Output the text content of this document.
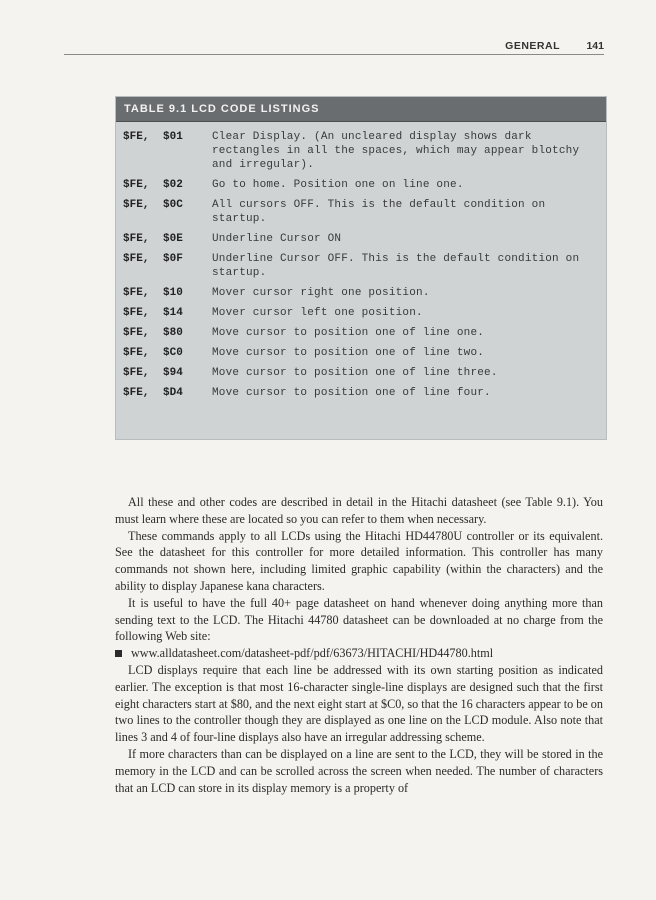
GENERAL	141
TABLE 9.1 LCD CODE LISTINGS
$FE,	$01	Clear Display. (An uncleared display shows dark rectangles in all the spaces, which may appear blotchy and irregular).
$FE,	$02	Go to home. Position one on line one.
$FE,	$0C	All cursors OFF. This is the default condition on startup.
$FE,	$0E	Underline Cursor ON
$FE,	$0F	Underline Cursor OFF. This is the default condition on startup.
$FE,	$10	Mover cursor right one position.
$FE,	$14	Mover cursor left one position.
$FE,	$80	Move cursor to position one of line one.
$FE,	$C0	Move cursor to position one of line two.
$FE,	$94	Move cursor to position one of line three.
$FE,	$D4	Move cursor to position one of line four.

All these and other codes are described in detail in the Hitachi datasheet (see Table 9.1). You must learn where these are located so you can refer to them when necessary.

These commands apply to all LCDs using the Hitachi HD44780U controller or its equivalent. See the datasheet for this controller for more detailed information. This controller has many commands not shown here, including limited graphic capability (within the characters) and the ability to display Japanese kana characters.

It is useful to have the full 40+ page datasheet on hand whenever doing anything more than sending text to the LCD. The Hitachi 44780 datasheet can be downloaded at no charge from the following Web site:

www.alldatasheet.com/datasheet-pdf/pdf/63673/HITACHI/HD44780.html

LCD displays require that each line be addressed with its own starting position as indicated earlier. The exception is that most 16-character single-line displays are designed such that the first eight characters start at $80, and the next eight start at $C0, so that the 16 characters appear to be on two lines to the controller though they are displayed as one line on the LCD module. Also note that lines 3 and 4 of four-line displays also have an irregular addressing scheme.

If more characters than can be displayed on a line are sent to the LCD, they will be stored in the memory in the LCD and can be scrolled across the screen when needed. The number of characters that an LCD can store in its display memory is a property of
